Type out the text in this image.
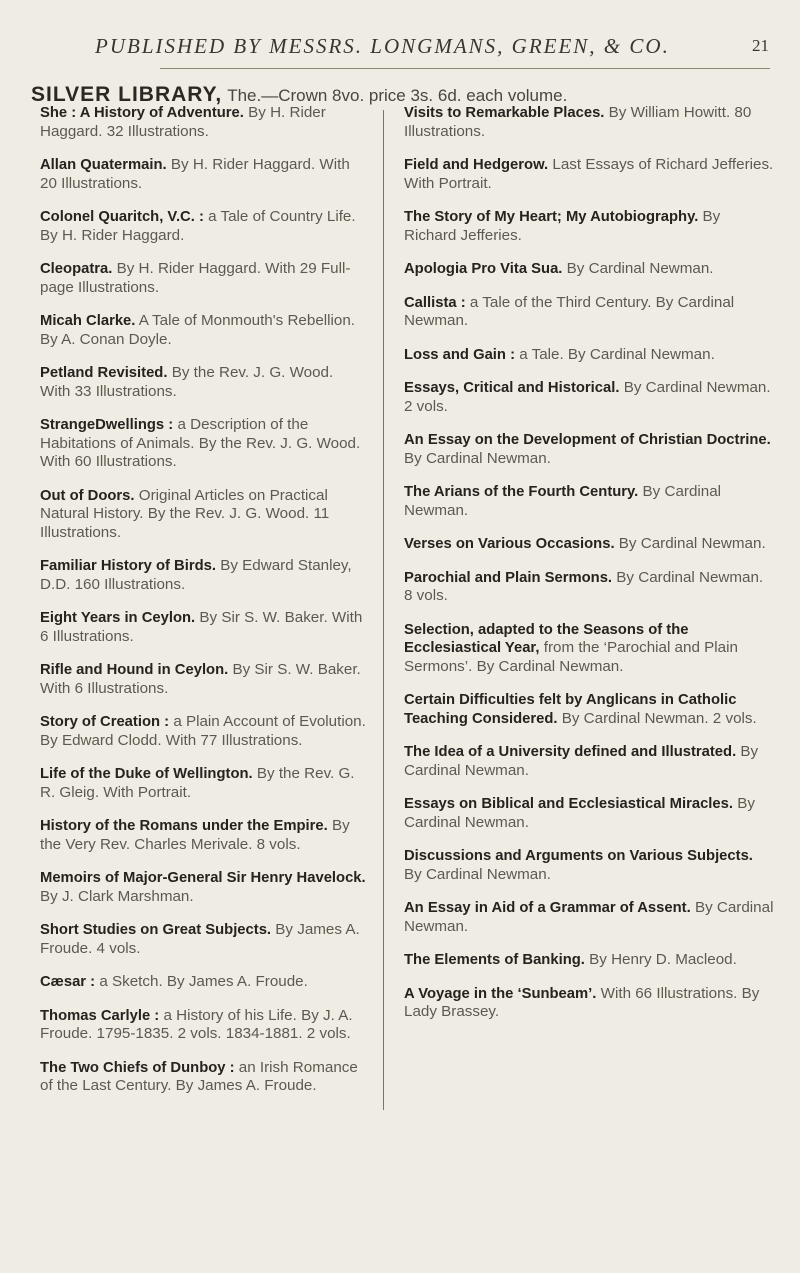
PUBLISHED BY MESSRS. LONGMANS, GREEN, & CO.	21
SILVER LIBRARY, The.—Crown 8vo. price 3s. 6d. each volume.
She : A History of Adventure. By H. Rider Haggard. 32 Illustrations.
Allan Quatermain. By H. Rider Haggard. With 20 Illustrations.
Colonel Quaritch, V.C. : a Tale of Country Life. By H. Rider Haggard.
Cleopatra. By H. Rider Haggard. With 29 Full-page Illustrations.
Micah Clarke. A Tale of Monmouth's Rebellion. By A. Conan Doyle.
Petland Revisited. By the Rev. J. G. Wood. With 33 Illustrations.
StrangeDwellings : a Description of the Habitations of Animals. By the Rev. J. G. Wood. With 60 Illustrations.
Out of Doors. Original Articles on Practical Natural History. By the Rev. J. G. Wood. 11 Illustrations.
Familiar History of Birds. By Edward Stanley, D.D. 160 Illustrations.
Eight Years in Ceylon. By Sir S. W. Baker. With 6 Illustrations.
Rifle and Hound in Ceylon. By Sir S. W. Baker. With 6 Illustrations.
Story of Creation : a Plain Account of Evolution. By Edward Clodd. With 77 Illustrations.
Life of the Duke of Wellington. By the Rev. G. R. Gleig. With Portrait.
History of the Romans under the Empire. By the Very Rev. Charles Merivale. 8 vols.
Memoirs of Major-General Sir Henry Havelock. By J. Clark Marshman.
Short Studies on Great Subjects. By James A. Froude. 4 vols.
Cæsar : a Sketch. By James A. Froude.
Thomas Carlyle : a History of his Life. By J. A. Froude. 1795-1835. 2 vols. 1834-1881. 2 vols.
The Two Chiefs of Dunboy : an Irish Romance of the Last Century. By James A. Froude.
Visits to Remarkable Places. By William Howitt. 80 Illustrations.
Field and Hedgerow. Last Essays of Richard Jefferies. With Portrait.
The Story of My Heart; My Autobiography. By Richard Jefferies.
Apologia Pro Vita Sua. By Cardinal Newman.
Callista : a Tale of the Third Century. By Cardinal Newman.
Loss and Gain : a Tale. By Cardinal Newman.
Essays, Critical and Historical. By Cardinal Newman. 2 vols.
An Essay on the Development of Christian Doctrine. By Cardinal Newman.
The Arians of the Fourth Century. By Cardinal Newman.
Verses on Various Occasions. By Cardinal Newman.
Parochial and Plain Sermons. By Cardinal Newman. 8 vols.
Selection, adapted to the Seasons of the Ecclesiastical Year, from the ‘Parochial and Plain Sermons’. By Cardinal Newman.
Certain Difficulties felt by Anglicans in Catholic Teaching Considered. By Cardinal Newman. 2 vols.
The Idea of a University defined and Illustrated. By Cardinal Newman.
Essays on Biblical and Ecclesiastical Miracles. By Cardinal Newman.
Discussions and Arguments on Various Subjects. By Cardinal Newman.
An Essay in Aid of a Grammar of Assent. By Cardinal Newman.
The Elements of Banking. By Henry D. Macleod.
A Voyage in the ‘Sunbeam’. With 66 Illustrations. By Lady Brassey.
